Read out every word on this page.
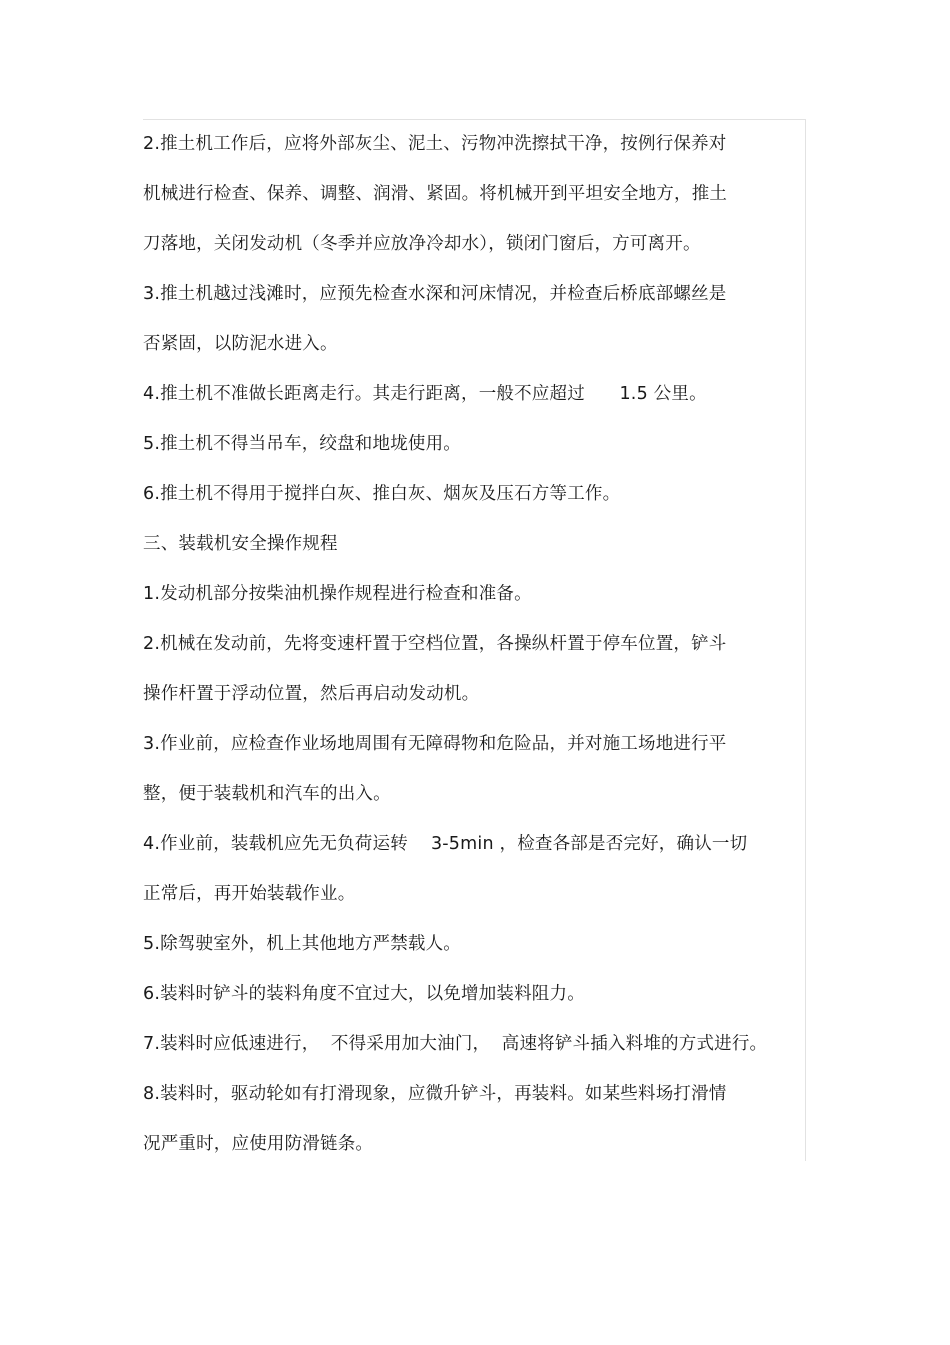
2.推土机工作后，应将外部灰尘、泥土、污物冲洗擦拭干净，按例行保养对
机械进行检查、保养、调整、润滑、紧固。将机械开到平坦安全地方，推土
刀落地，关闭发动机（冬季并应放净冷却水），锁闭门窗后，方可离开。
3.推土机越过浅滩时，应预先检查水深和河床情况，并检查后桥底部螺丝是
否紧固，以防泥水进入。
4.推土机不准做长距离走行。其走行距离，一般不应超过      1.5 公里。
5.推土机不得当吊车，绞盘和地垅使用。
6.推土机不得用于搅拌白灰、推白灰、烟灰及压石方等工作。
三、装载机安全操作规程
1.发动机部分按柴油机操作规程进行检查和准备。
2.机械在发动前，先将变速杆置于空档位置，各操纵杆置于停车位置，铲斗
操作杆置于浮动位置，然后再启动发动机。
3.作业前，应检查作业场地周围有无障碍物和危险品，并对施工场地进行平
整，便于装载机和汽车的出入。
4.作业前，装载机应先无负荷运转    3-5min ，检查各部是否完好，确认一切
正常后，再开始装载作业。
5.除驾驶室外，机上其他地方严禁载人。
6.装料时铲斗的装料角度不宜过大，以免增加装料阻力。
7.装料时应低速进行，  不得采用加大油门，  高速将铲斗插入料堆的方式进行。
8.装料时，驱动轮如有打滑现象，应微升铲斗，再装料。如某些料场打滑情
况严重时，应使用防滑链条。
